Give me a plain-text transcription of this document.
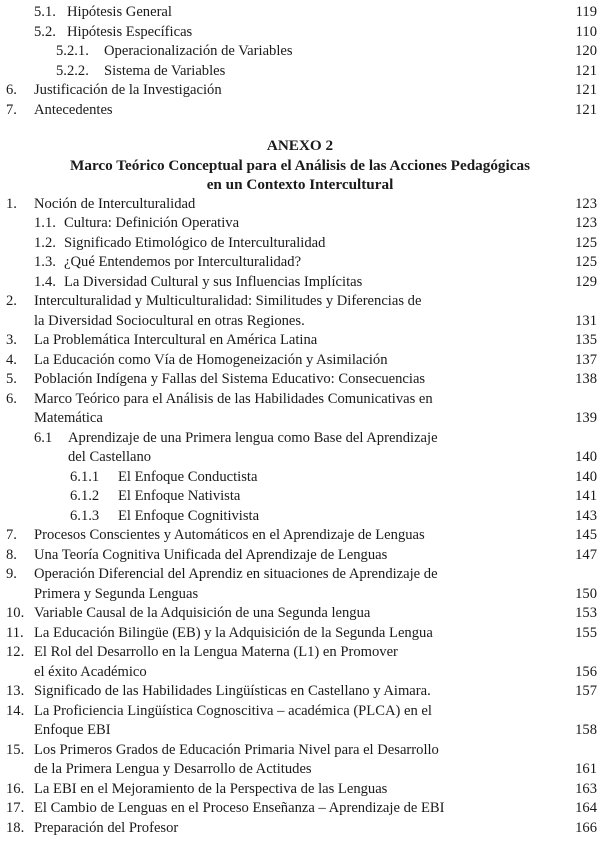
5.1. Hipótesis General	119
5.2. Hipótesis Específicas	110
5.2.1. Operacionalización de Variables	120
5.2.2. Sistema de Variables	121
6. Justificación de la Investigación	121
7. Antecedentes	121
ANEXO 2
Marco Teórico Conceptual para el Análisis de las Acciones Pedagógicas
en un Contexto Intercultural
1. Noción de Interculturalidad	123
1.1. Cultura: Definición Operativa	123
1.2. Significado Etimológico de Interculturalidad	125
1.3. ¿Qué Entendemos por Interculturalidad?	125
1.4. La Diversidad Cultural y sus Influencias Implícitas	129
2. Interculturalidad y Multiculturalidad: Similitudes y Diferencias de
la Diversidad Sociocultural en otras Regiones.	131
3. La Problemática Intercultural en América Latina	135
4. La Educación como Vía de Homogeneización y Asimilación	137
5. Población Indígena y Fallas del Sistema Educativo: Consecuencias	138
6. Marco Teórico para el Análisis de las Habilidades Comunicativas en
Matemática	139
6.1 Aprendizaje de una Primera lengua como Base del Aprendizaje
del Castellano	140
6.1.1 El Enfoque Conductista	140
6.1.2 El Enfoque Nativista	141
6.1.3 El Enfoque Cognitivista	143
7. Procesos Conscientes y Automáticos en el Aprendizaje de Lenguas	145
8. Una Teoría Cognitiva Unificada del Aprendizaje de Lenguas	147
9. Operación Diferencial del Aprendiz en situaciones de Aprendizaje de
Primera y Segunda Lenguas	150
10. Variable Causal de la Adquisición de una Segunda lengua	153
11. La Educación Bilingüe (EB) y la Adquisición de la Segunda Lengua	155
12. El Rol del Desarrollo en la Lengua Materna (L1) en Promover
el éxito Académico	156
13. Significado de las Habilidades Lingüísticas en Castellano y Aimara.	157
14. La Proficiencia Lingüística Cognoscitiva – académica (PLCA) en el
Enfoque EBI	158
15. Los Primeros Grados de Educación Primaria Nivel para el Desarrollo
de la Primera Lengua y Desarrollo de Actitudes	161
16. La EBI en el Mejoramiento de la Perspectiva de las Lenguas	163
17. El Cambio de Lenguas en el Proceso Enseñanza – Aprendizaje de EBI	164
18. Preparación del Profesor	166
